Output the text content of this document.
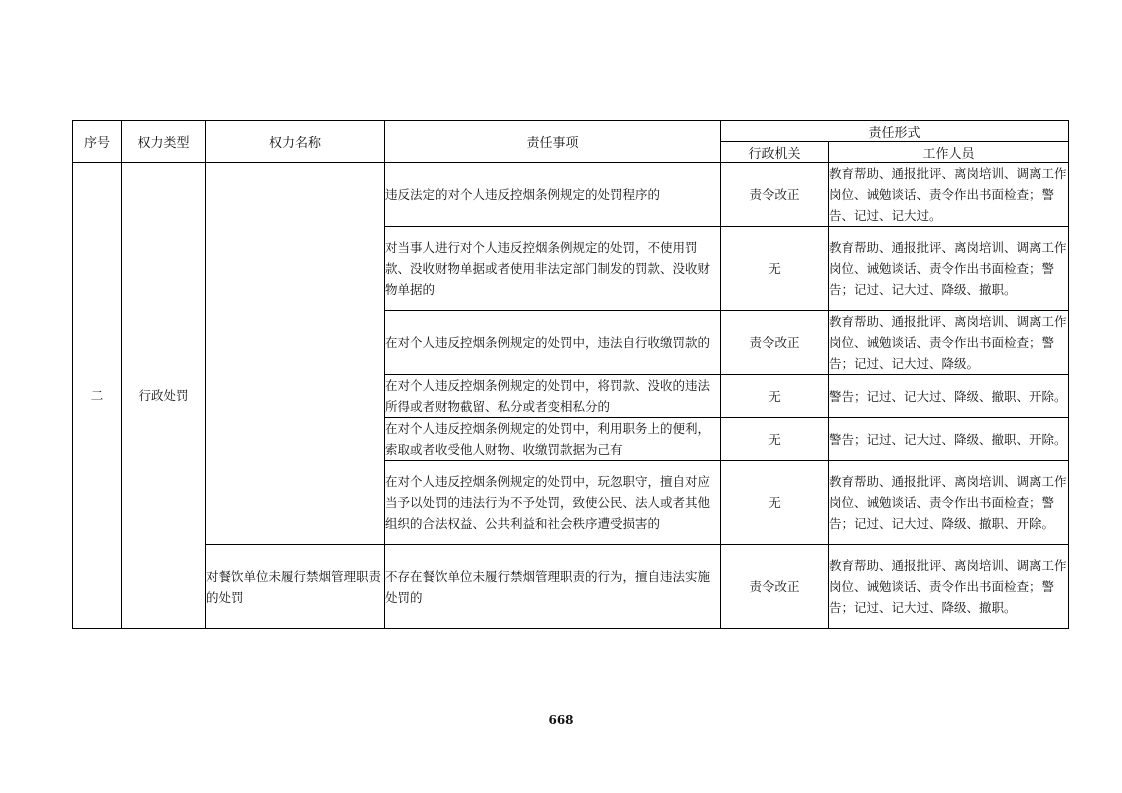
序号	权力类型	权力名称	责任事项	责任形式	
				行政机关	工作人员
二	行政处罚		违反法定的对个人违反控烟条例规定的处罚程序的	责令改正	教育帮助、通报批评、离岗培训、调离工作岗位、诫勉谈话、责令作出书面检查；警告、记过、记大过。
			对当事人进行对个人违反控烟条例规定的处罚，不使用罚款、没收财物单据或者使用非法定部门制发的罚款、没收财物单据的	无	教育帮助、通报批评、离岗培训、调离工作岗位、诫勉谈话、责令作出书面检查；警告；记过、记大过、降级、撤职。
			在对个人违反控烟条例规定的处罚中，违法自行收缴罚款的	责令改正	教育帮助、通报批评、离岗培训、调离工作岗位、诫勉谈话、责令作出书面检查；警告；记过、记大过、降级。
			在对个人违反控烟条例规定的处罚中，将罚款、没收的违法所得或者财物截留、私分或者变相私分的	无	警告；记过、记大过、降级、撤职、开除。
			在对个人违反控烟条例规定的处罚中，利用职务上的便利，索取或者收受他人财物、收缴罚款据为己有	无	警告；记过、记大过、降级、撤职、开除。
			在对个人违反控烟条例规定的处罚中，玩忽职守，擅自对应当予以处罚的违法行为不予处罚，致使公民、法人或者其他组织的合法权益、公共利益和社会秩序遭受损害的	无	教育帮助、通报批评、离岗培训、调离工作岗位、诫勉谈话、责令作出书面检查；警告；记过、记大过、降级、撤职、开除。
		对餐饮单位未履行禁烟管理职责的处罚	不存在餐饮单位未履行禁烟管理职责的行为，擅自违法实施处罚的	责令改正	教育帮助、通报批评、离岗培训、调离工作岗位、诫勉谈话、责令作出书面检查；警告；记过、记大过、降级、撤职。
668
